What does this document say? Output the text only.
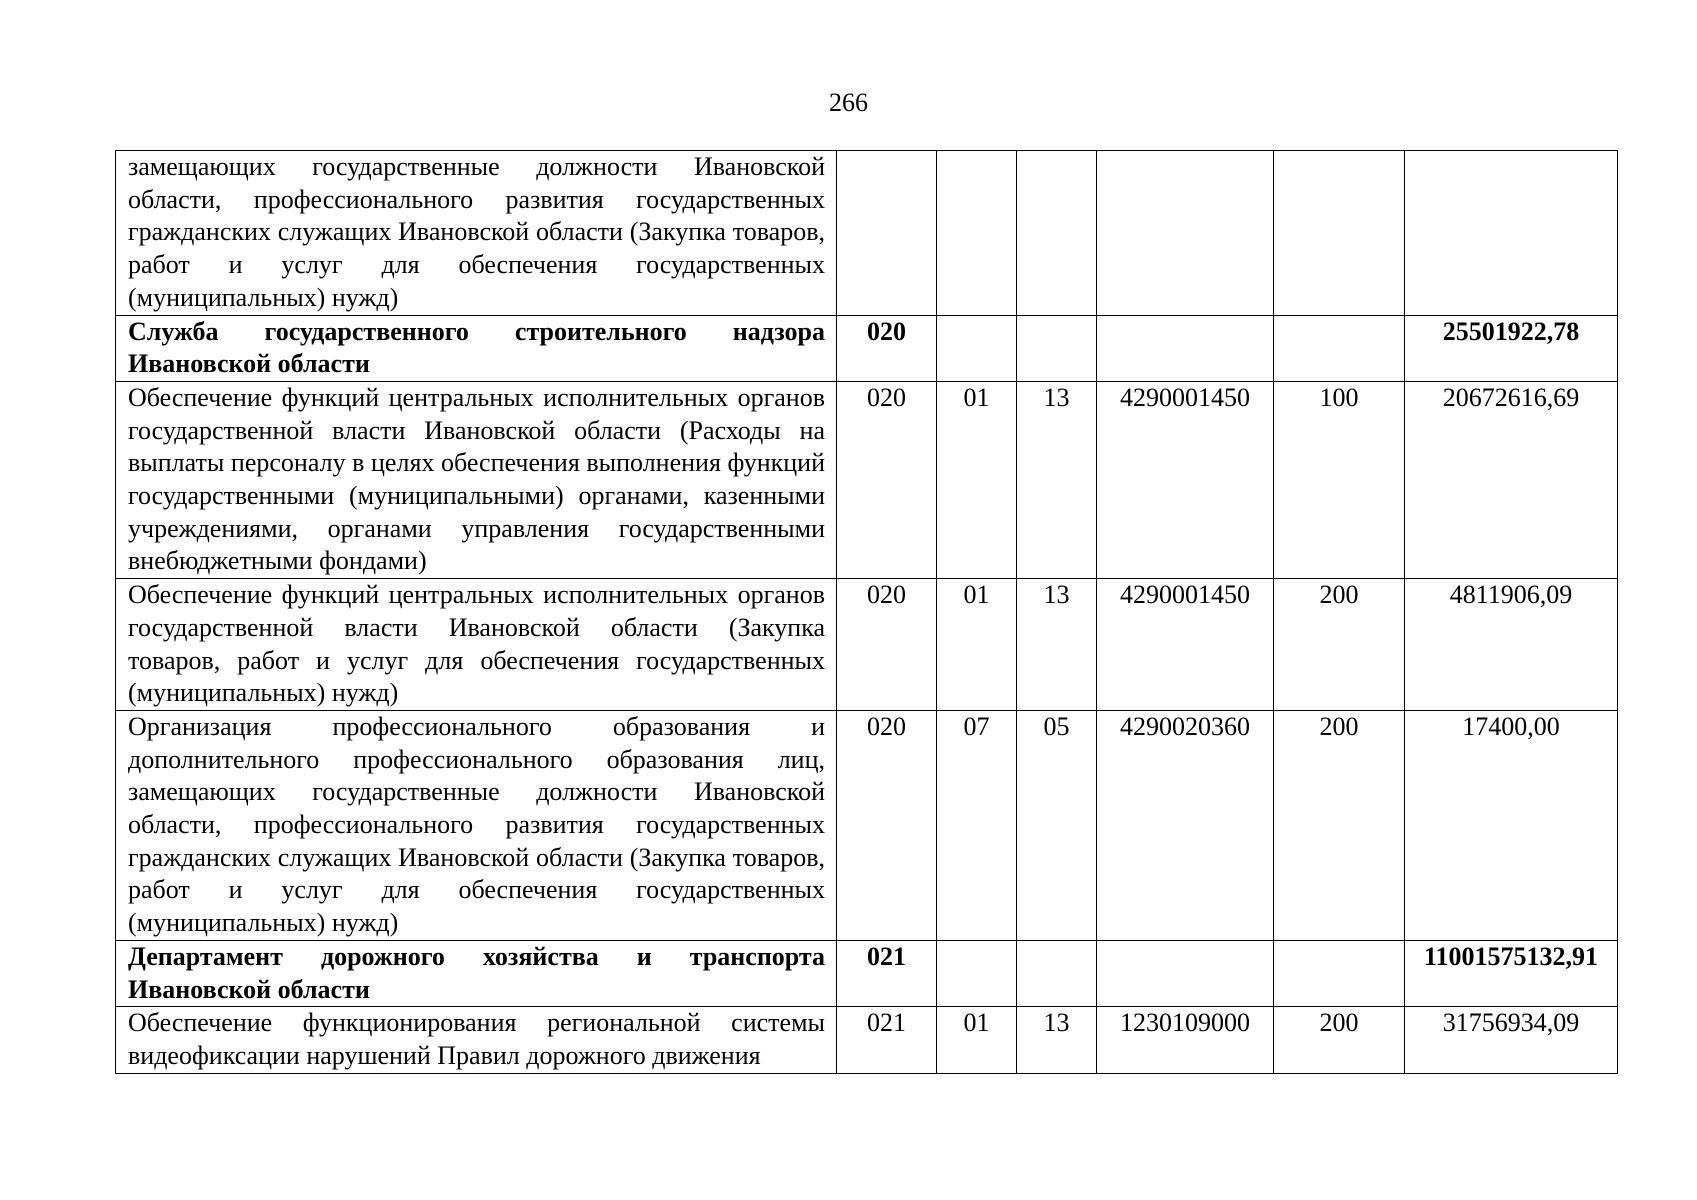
266
замещающих государственные должности Ивановской области, профессионального развития государственных гражданских служащих Ивановской области (Закупка товаров, работ и услуг для обеспечения государственных (муниципальных) нужд)						
Служба государственного строительного надзора Ивановской области	020					25501922,78
Обеспечение функций центральных исполнительных органов государственной власти Ивановской области (Расходы на выплаты персоналу в целях обеспечения выполнения функций государственными (муниципальными) органами, казенными учреждениями, органами управления государственными внебюджетными фондами)	020	01	13	4290001450	100	20672616,69
Обеспечение функций центральных исполнительных органов государственной власти Ивановской области (Закупка товаров, работ и услуг для обеспечения государственных (муниципальных) нужд)	020	01	13	4290001450	200	4811906,09
Организация профессионального образования и дополнительного профессионального образования лиц, замещающих государственные должности Ивановской области, профессионального развития государственных гражданских служащих Ивановской области (Закупка товаров, работ и услуг для обеспечения государственных (муниципальных) нужд)	020	07	05	4290020360	200	17400,00
Департамент дорожного хозяйства и транспорта Ивановской области	021					11001575132,91
Обеспечение функционирования региональной системы видеофиксации нарушений Правил дорожного движения	021	01	13	1230109000	200	31756934,09
